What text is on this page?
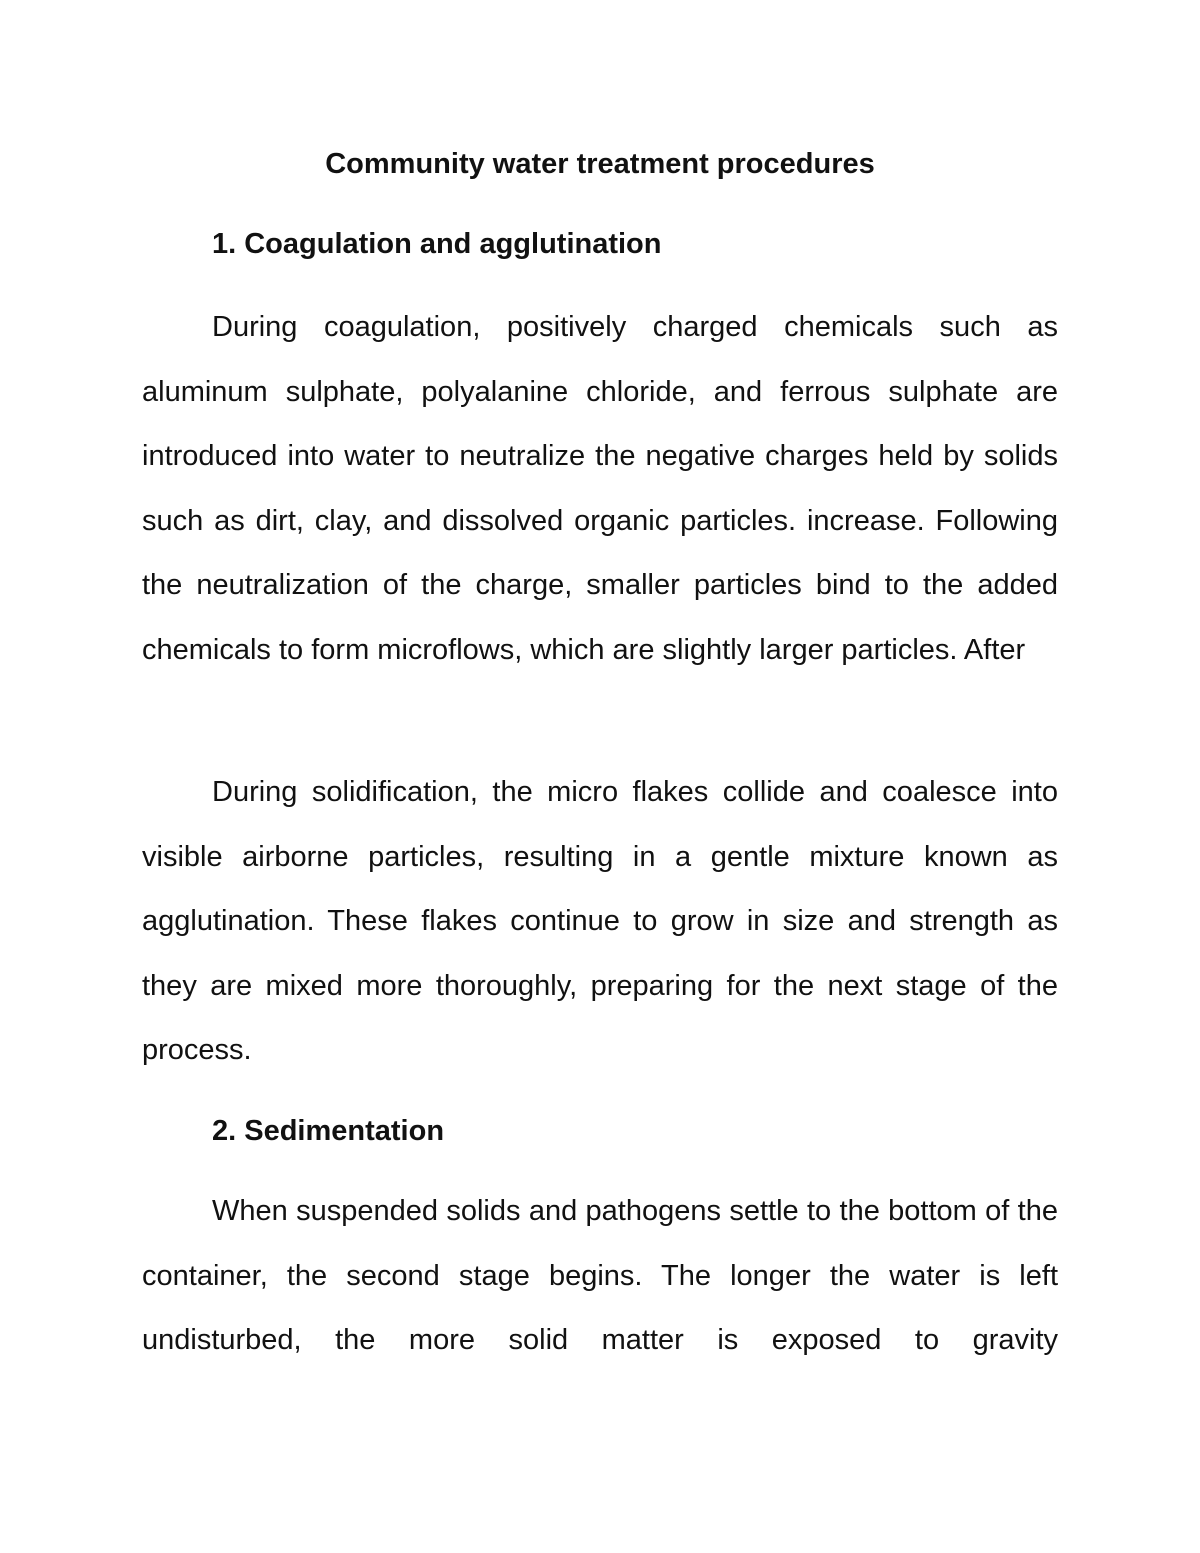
Community water treatment procedures
1. Coagulation and agglutination

During coagulation, positively charged chemicals such as aluminum sulphate, polyalanine chloride, and ferrous sulphate are introduced into water to neutralize the negative charges held by solids such as dirt, clay, and dissolved organic particles. increase. Following the neutralization of the charge, smaller particles bind to the added chemicals to form microflows, which are slightly larger particles. After

During solidification, the micro flakes collide and coalesce into visible airborne particles, resulting in a gentle mixture known as agglutination. These flakes continue to grow in size and strength as they are mixed more thoroughly, preparing for the next stage of the process.

2. Sedimentation

When suspended solids and pathogens settle to the bottom of the container, the second stage begins. The longer the water is left undisturbed, the more solid matter is exposed to gravity
